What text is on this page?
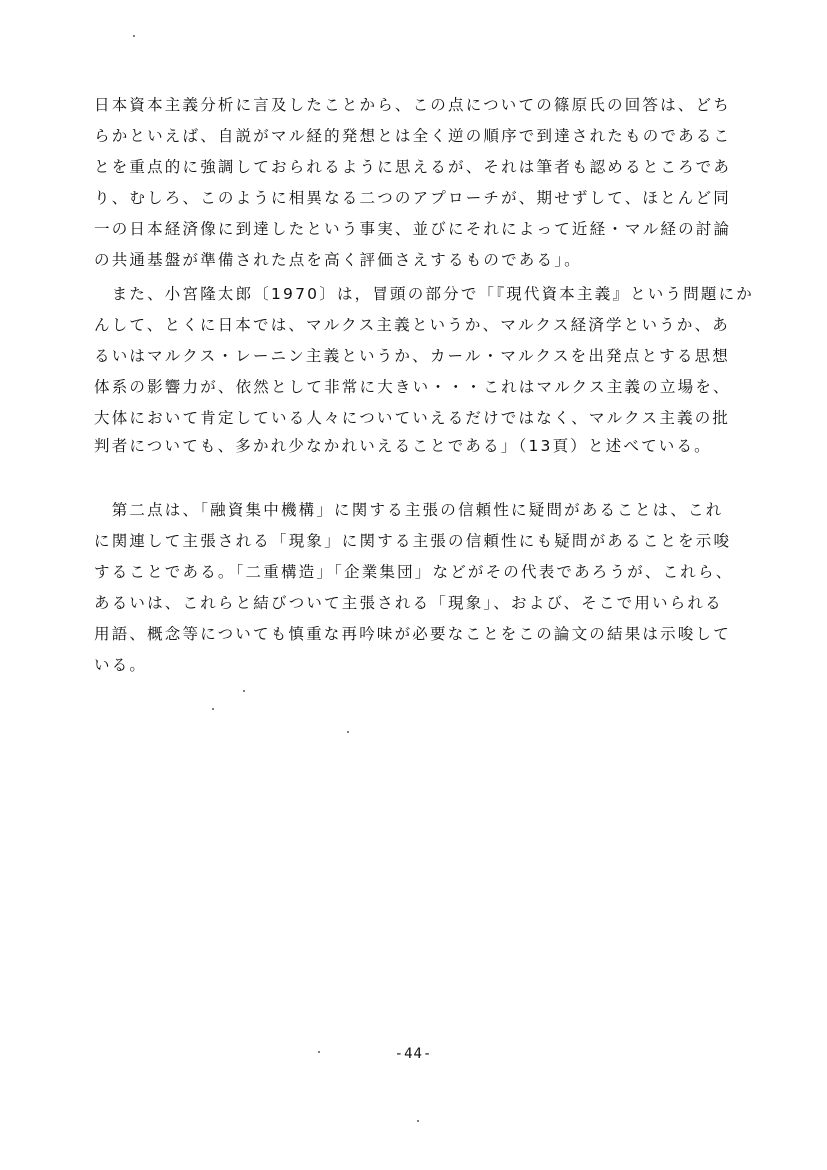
日本資本主義分析に言及したことから、この点についての篠原氏の回答は、どち
らかといえば、自説がマル経的発想とは全く逆の順序で到達されたものであるこ
とを重点的に強調しておられるように思えるが、それは筆者も認めるところであ
り、むしろ、このように相異なる二つのアプローチが、期せずして、ほとんど同
一の日本経済像に到達したという事実、並びにそれによって近経・マル経の討論
の共通基盤が準備された点を高く評価さえするものである」。
　また、小宮隆太郎〔1970〕は，冒頭の部分で「『現代資本主義』という問題にか
んして、とくに日本では、マルクス主義というか、マルクス経済学というか、あ
るいはマルクス・レーニン主義というか、カール・マルクスを出発点とする思想
体系の影響力が、依然として非常に大きい・・・これはマルクス主義の立場を、
大体において肯定している人々についていえるだけではなく、マルクス主義の批
判者についても、多かれ少なかれいえることである」（13頁）と述べている。
　第二点は、「融資集中機構」に関する主張の信頼性に疑問があることは、これ
に関連して主張される「現象」に関する主張の信頼性にも疑問があることを示唆
することである。「二重構造」「企業集団」などがその代表であろうが、これら、
あるいは、これらと結びついて主張される「現象」、および、そこで用いられる
用語、概念等についても慎重な再吟味が必要なことをこの論文の結果は示唆して
いる。
-44-
